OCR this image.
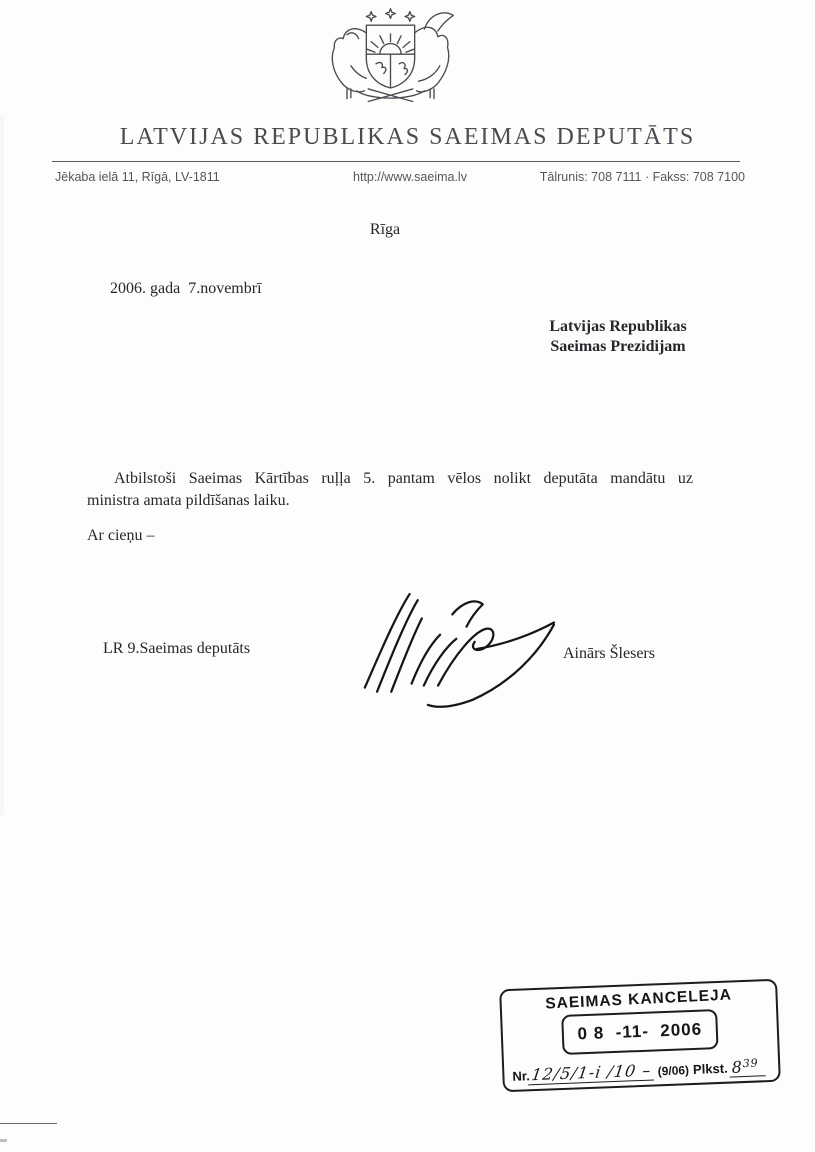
LATVIJAS REPUBLIKAS SAEIMAS DEPUTĀTS
Jēkaba ielā 11, Rīgā, LV-1811	http://www.saeima.lv	Tālrunis: 708 7111 · Fakss: 708 7100
Rīga
2006. gada  7.novembrī
Latvijas Republikas
Saeimas Prezidijam
Atbilstoši Saeimas Kārtības ruļļa 5. pantam vēlos nolikt deputāta mandātu uz
ministra amata pildīšanas laiku.
Ar cieņu –
LR 9.Saeimas deputāts	Ainārs Šlesers
SAEIMAS KANCELEJA
0 8  -11-  2006
Nr. 12/5/1-i /10 – (9/06) Plkst. $8^{39}$
